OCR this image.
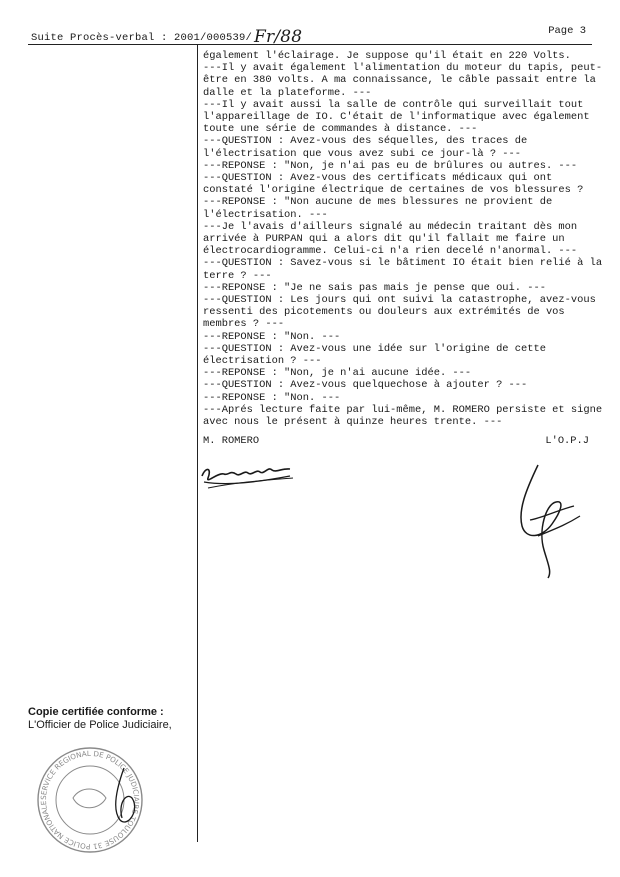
Suite Procès-verbal : 2001/000539/ Fr/88	Page 3
également l'éclairage. Je suppose qu'il était en 220 Volts.
---Il y avait également l'alimentation du moteur du tapis, peut-
être en 380 volts. A ma connaissance, le câble passait entre la
dalle et la plateforme. ---
---Il y avait aussi la salle de contrôle qui surveillait tout
l'appareillage de IO. C'était de l'informatique avec également
toute une série de commandes à distance. ---
---QUESTION : Avez-vous des séquelles, des traces de
l'électrisation que vous avez subi ce jour-là ? ---
---REPONSE : "Non, je n'ai pas eu de brûlures ou autres. ---
---QUESTION : Avez-vous des certificats médicaux qui ont
constaté l'origine électrique de certaines de vos blessures ?
---REPONSE : "Non aucune de mes blessures ne provient de
l'électrisation. ---
---Je l'avais d'ailleurs signalé au médecin traitant dès mon
arrivée à PURPAN qui a alors dit qu'il fallait me faire un
électrocardiogramme. Celui-ci n'a rien decelé n'anormal. ---
---QUESTION : Savez-vous si le bâtiment IO était bien relié à la
terre ? ---
---REPONSE : "Je ne sais pas mais je pense que oui. ---
---QUESTION : Les jours qui ont suivi la catastrophe, avez-vous
ressenti des picotements ou douleurs aux extrémités de vos
membres ? ---
---REPONSE : "Non. ---
---QUESTION : Avez-vous une idée sur l'origine de cette
électrisation ? ---
---REPONSE : "Non, je n'ai aucune idée. ---
---QUESTION : Avez-vous quelquechose à ajouter ? ---
---REPONSE : "Non. ---
---Aprés lecture faite par lui-même, M. ROMERO persiste et signe
avec nous le présent à quinze heures trente. ---
M. ROMERO	L'O.P.J
Copie certifiée conforme :
L'Officier de Police Judiciaire,
SERVICE REGIONAL DE POLICE JUDICIAIRE TOULOUSE 31 POLICE NATIONALE
